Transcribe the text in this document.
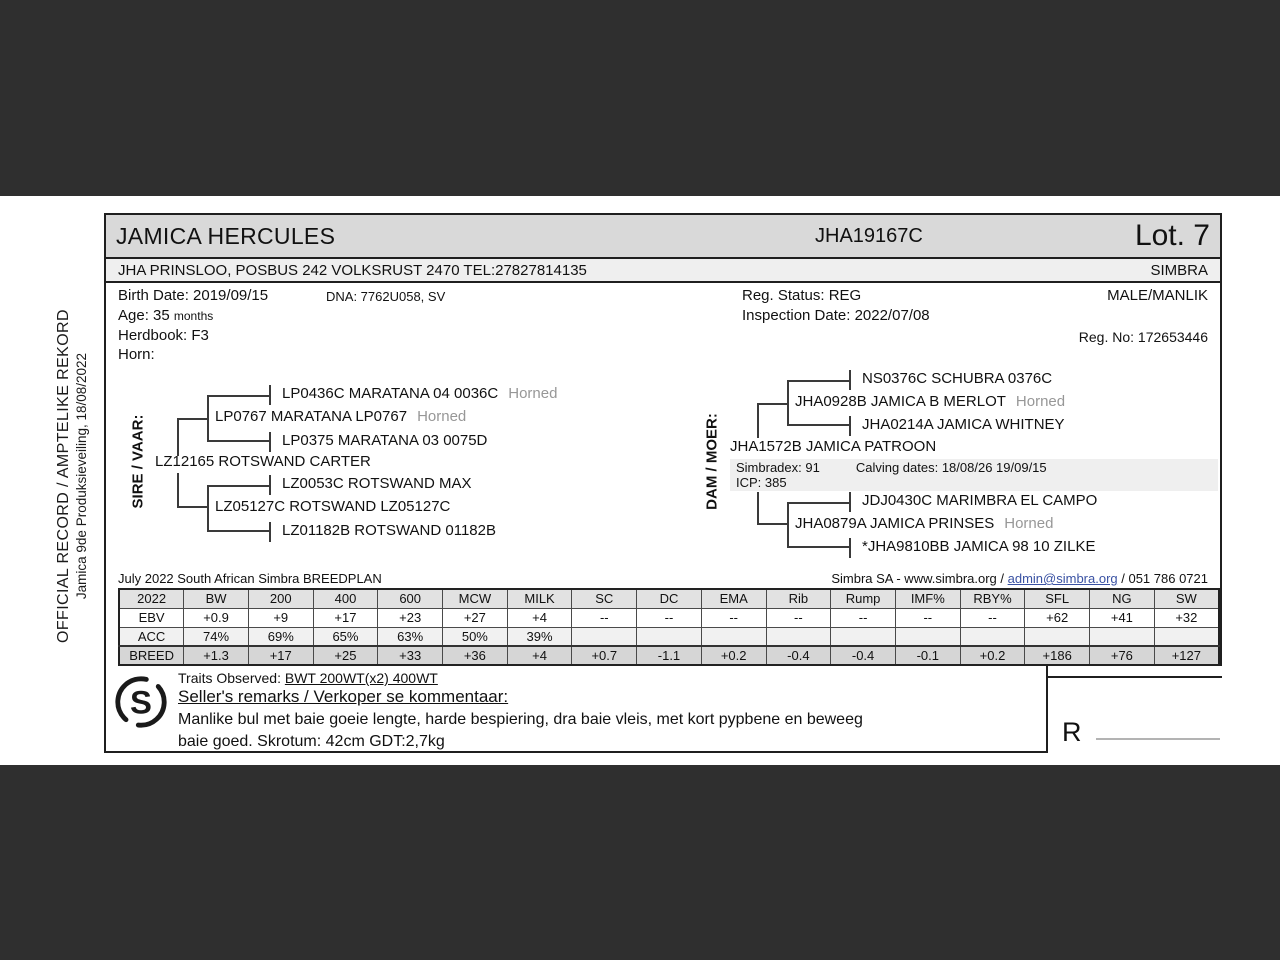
OFFICIAL RECORD / AMPTELIKE REKORD Jamica 9de Produksieveiling, 18/08/2022
JAMICA HERCULES	JHA19167C	Lot. 7
JHA PRINSLOO, POSBUS 242 VOLKSRUST 2470 TEL:27827814135	SIMBRA
Birth Date: 2019/09/15	DNA: 7762U058, SV	Reg. Status: REG	MALE/MANLIK
Age: 35 months	Inspection Date: 2022/07/08
Herdbook: F3	Reg. No: 172653446
Horn:
SIRE / VAAR:
LP0436C MARATANA 04 0036C Horned
LP0767 MARATANA LP0767 Horned
LP0375 MARATANA 03 0075D
LZ12165 ROTSWAND CARTER
LZ0053C ROTSWAND MAX
LZ05127C ROTSWAND LZ05127C
LZ01182B ROTSWAND 01182B
DAM / MOER:
NS0376C SCHUBRA 0376C
JHA0928B JAMICA B MERLOT Horned
JHA0214A JAMICA WHITNEY
JHA1572B JAMICA PATROON
Simbradex: 91	Calving dates: 18/08/26 19/09/15
ICP: 385
JDJ0430C MARIMBRA EL CAMPO
JHA0879A JAMICA PRINSES Horned
*JHA9810BB JAMICA 98 10 ZILKE
July 2022 South African Simbra BREEDPLAN	Simbra SA - www.simbra.org / admin@simbra.org / 051 786 0721
2022	BW	200	400	600	MCW	MILK	SC	DC	EMA	Rib	Rump	IMF%	RBY%	SFL	NG	SW
EBV	+0.9	+9	+17	+23	+27	+4	--	--	--	--	--	--	--	+62	+41	+32
ACC	74%	69%	65%	63%	50%	39%										
BREED	+1.3	+17	+25	+33	+36	+4	+0.7	-1.1	+0.2	-0.4	-0.4	-0.1	+0.2	+186	+76	+127
S
Traits Observed: BWT 200WT(x2) 400WT
Seller's remarks / Verkoper se kommentaar:
Manlike bul met baie goeie lengte, harde bespiering, dra baie vleis, met kort pypbene en beweeg
baie goed. Skrotum: 42cm GDT:2,7kg	R
